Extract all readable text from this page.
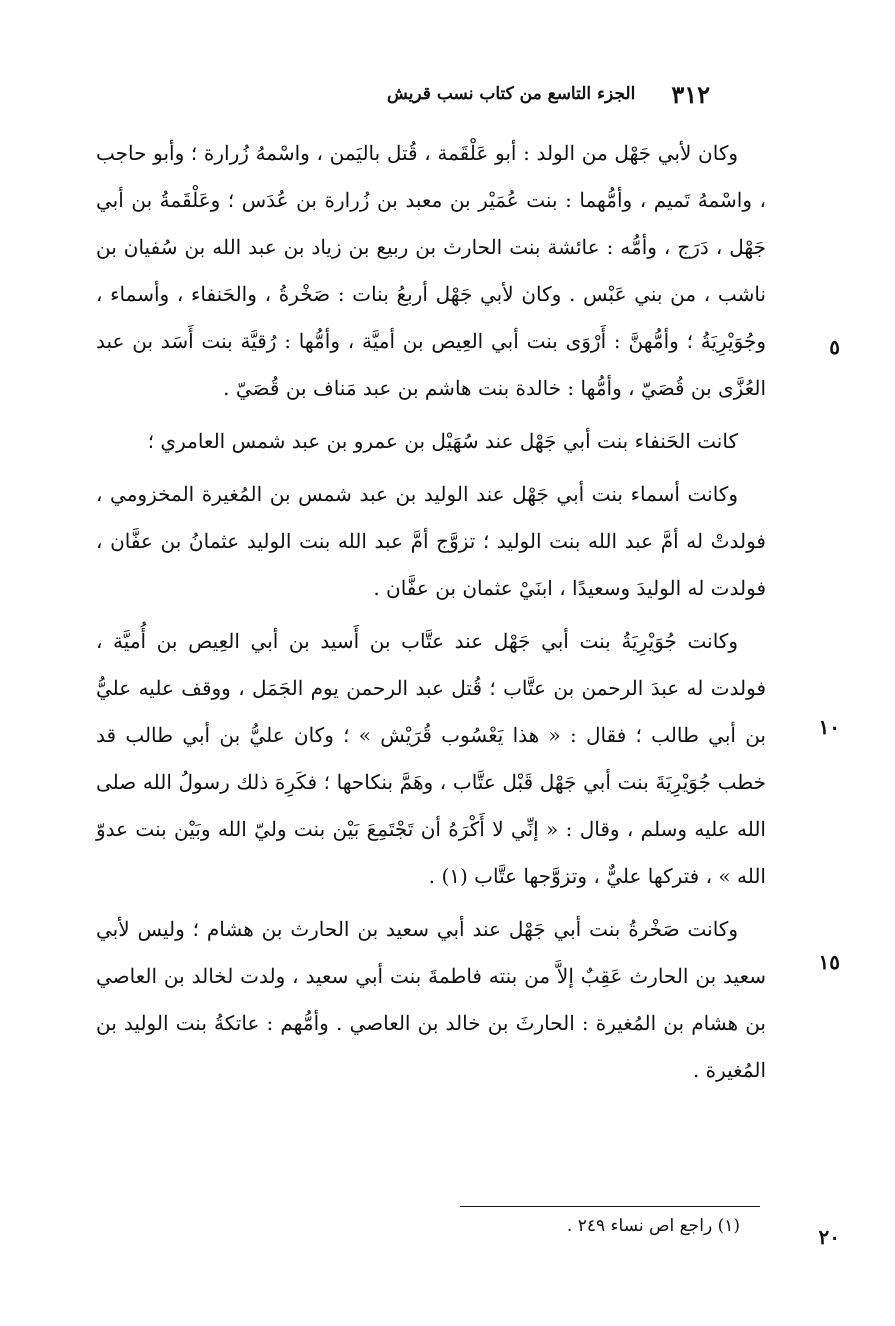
٣١٢
الجزء التاسع من كتاب نسب قريش

وكان لأبي جَهْل من الولد : أبو عَلْقَمة ، قُتل باليَمن ، واسْمهُ زُرارة ؛ وأبو حاجب ، واسْمهُ تَميم ، وأمُّهما : بنت عُمَيْر بن معبد بن زُرارة بن عُدَس ؛ وعَلْقَمةُ بن أبي جَهْل ، دَرَج ، وأمُّه : عائشة بنت الحارث بن ربيع بن زياد بن عبد الله بن سُفيان بن ناشب ، من بني عَبْس . وكان لأبي جَهْل أربعُ بنات : صَخْرةُ ، والحَنفاء ، وأسماء ، وجُوَيْرِيَةُ ؛ وأمُّهنَّ : أَرْوَى بنت أبي العِيص بن أميَّة ، وأمُّها : رُقيَّة بنت أَسَد بن عبد العُزَّى بن قُصَيّ ، وأمُّها : خالدة بنت هاشم بن عبد مَناف بن قُصَيّ .

كانت الحَنفاء بنت أبي جَهْل عند سُهَيْل بن عمرو بن عبد شمس العامري ؛

وكانت أسماء بنت أبي جَهْل عند الوليد بن عبد شمس بن المُغيرة المخزومي ، فولدتْ له أمَّ عبد الله بنت الوليد ؛ تزوَّج أمَّ عبد الله بنت الوليد عثمانُ بن عفَّان ، فولدت له الوليدَ وسعيدًا ، ابنَيْ عثمان بن عفَّان .

وكانت جُوَيْرِيَةُ بنت أبي جَهْل عند عتَّاب بن أَسيد بن أبي العِيص بن أُميَّة ، فولدت له عبدَ الرحمن بن عتَّاب ؛ قُتل عبد الرحمن يوم الجَمَل ، ووقف عليه عليُّ بن أبي طالب ؛ فقال : « هذا يَعْسُوب قُرَيْش » ؛ وكان عليُّ بن أبي طالب قد خطب جُوَيْرِيَةَ بنت أبي جَهْل قَبْل عتَّاب ، وهَمَّ بنكاحها ؛ فكَرِهَ ذلك رسولُ الله صلى الله عليه وسلم ، وقال : « إنِّي لا أَكْرَهُ أن تَجْتَمِعَ بَيْن بنت وليّ الله وبَيْن بنت عدوّ الله » ، فتركها عليٌّ ، وتزوَّجها عتَّاب (١) .

وكانت صَخْرةُ بنت أبي جَهْل عند أبي سعيد بن الحارث بن هشام ؛ وليس لأبي سعيد بن الحارث عَقِبٌ إلاَّ من بنته فاطمةَ بنت أبي سعيد ، ولدت لخالد بن العاصي بن هشام بن المُغيرة : الحارثَ بن خالد بن العاصي . وأمُّهم : عاتكةُ بنت الوليد بن المُغيرة .

٥
١٠
١٥
٢٠
(١) راجع اص نساء ٢٤٩ .
